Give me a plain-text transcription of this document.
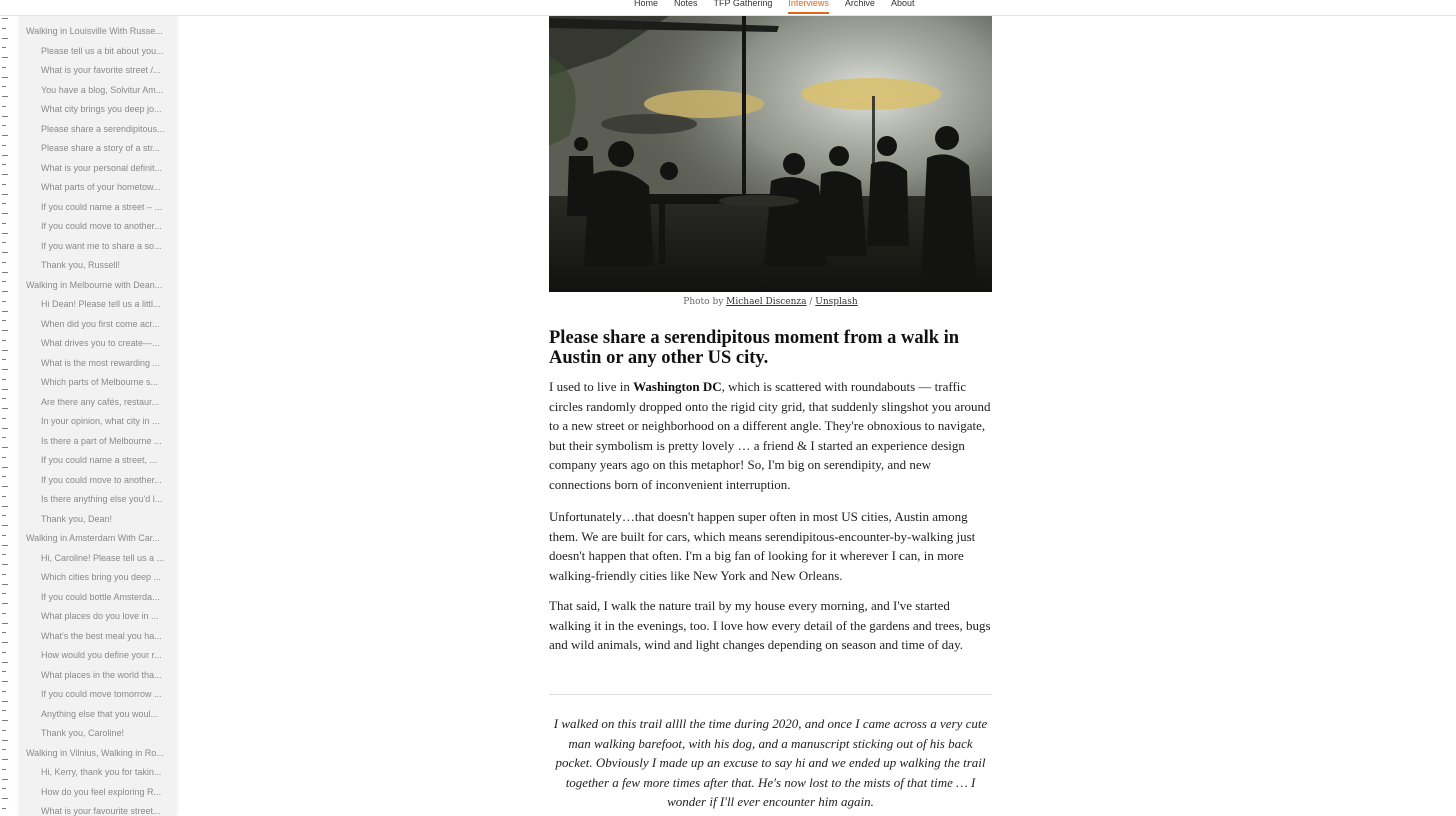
Home Notes TFP Gathering Interviews Archive About
Walking in Louisville With Russe...
Please tell us a bit about you...
What is your favorite street /...
You have a blog, Solvitur Am...
What city brings you deep jo...
Please share a serendipitous...
Please share a story of a str...
What is your personal definit...
What parts of your hometow...
If you could name a street – ...
If you could move to another...
If you want me to share a so...
Thank you, Russell!
Walking in Melbourne with Dean...
Hi Dean! Please tell us a littl...
When did you first come acr...
What drives you to create—...
What is the most rewarding ...
Which parts of Melbourne s...
Are there any cafés, restaur...
In your opinion, what city in ...
Is there a part of Melbourne ...
If you could name a street, ...
If you could move to another...
Is there anything else you'd l...
Thank you, Dean!
Walking in Amsterdam With Car...
Hi, Caroline! Please tell us a ...
Which cities bring you deep ...
If you could bottle Amsterda...
What places do you love in ...
What's the best meal you ha...
How would you define your r...
What places in the world tha...
If you could move tomorrow ...
Anything else that you woul...
Thank you, Caroline!
Walking in Vilnius, Walking in Ro...
Hi, Kerry, thank you for takin...
How do you feel exploring R...
What is your favourite street...
Photo by Michael Discenza / Unsplash
Please share a serendipitous moment from a walk in Austin or any other US city.

I used to live in Washington DC, which is scattered with roundabouts — traffic circles randomly dropped onto the rigid city grid, that suddenly slingshot you around to a new street or neighborhood on a different angle. They're obnoxious to navigate, but their symbolism is pretty lovely … a friend & I started an experience design company years ago on this metaphor! So, I'm big on serendipity, and new connections born of inconvenient interruption.

Unfortunately…that doesn't happen super often in most US cities, Austin among them. We are built for cars, which means serendipitous-encounter-by-walking just doesn't happen that often. I'm a big fan of looking for it wherever I can, in more walking-friendly cities like New York and New Orleans.

That said, I walk the nature trail by my house every morning, and I've started walking it in the evenings, too. I love how every detail of the gardens and trees, bugs and wild animals, wind and light changes depending on season and time of day.

I walked on this trail allll the time during 2020, and once I came across a very cute man walking barefoot, with his dog, and a manuscript sticking out of his back pocket. Obviously I made up an excuse to say hi and we ended up walking the trail together a few more times after that. He's now lost to the mists of that time … I wonder if I'll ever encounter him again.
